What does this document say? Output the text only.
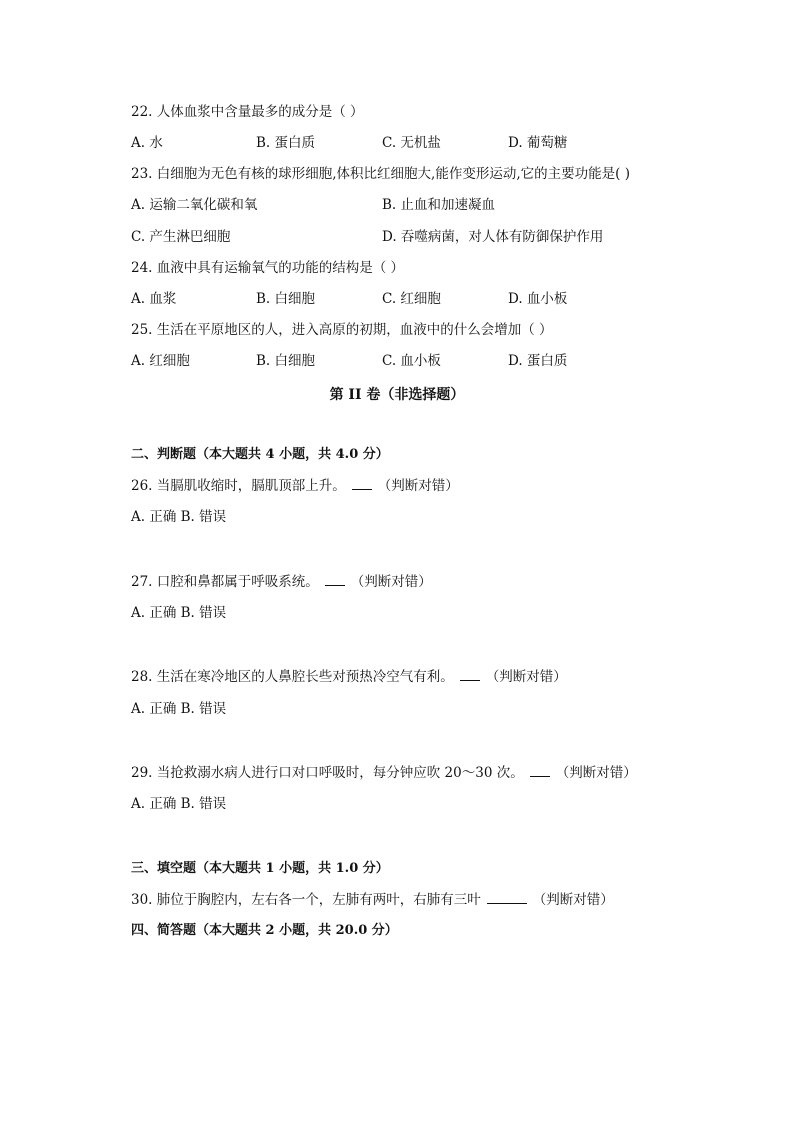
22. 人体血浆中含量最多的成分是（ ）
A. 水	B. 蛋白质	C. 无机盐	D. 葡萄糖
23. 白细胞为无色有核的球形细胞,体积比红细胞大,能作变形运动,它的主要功能是( )
A. 运输二氧化碳和氧	B. 止血和加速凝血
C. 产生淋巴细胞	D. 吞噬病菌，对人体有防御保护作用
24. 血液中具有运输氧气的功能的结构是（ ）
A. 血浆	B. 白细胞	C. 红细胞	D. 血小板
25. 生活在平原地区的人，进入高原的初期，血液中的什么会增加（ ）
A. 红细胞	B. 白细胞	C. 血小板	D. 蛋白质
第 II 卷（非选择题）
二、判断题（本大题共 4 小题，共 4.0 分）
26. 当膈肌收缩时，膈肌顶部上升。 （判断对错）
A. 正确 B. 错误
27. 口腔和鼻都属于呼吸系统。 （判断对错）
A. 正确 B. 错误
28. 生活在寒冷地区的人鼻腔长些对预热冷空气有利。 （判断对错）
A. 正确 B. 错误
29. 当抢救溺水病人进行口对口呼吸时，每分钟应吹 20～30 次。 （判断对错）
A. 正确 B. 错误
三、填空题（本大题共 1 小题，共 1.0 分）
30. 肺位于胸腔内，左右各一个，左肺有两叶，右肺有三叶	（判断对错）
四、简答题（本大题共 2 小题，共 20.0 分）
